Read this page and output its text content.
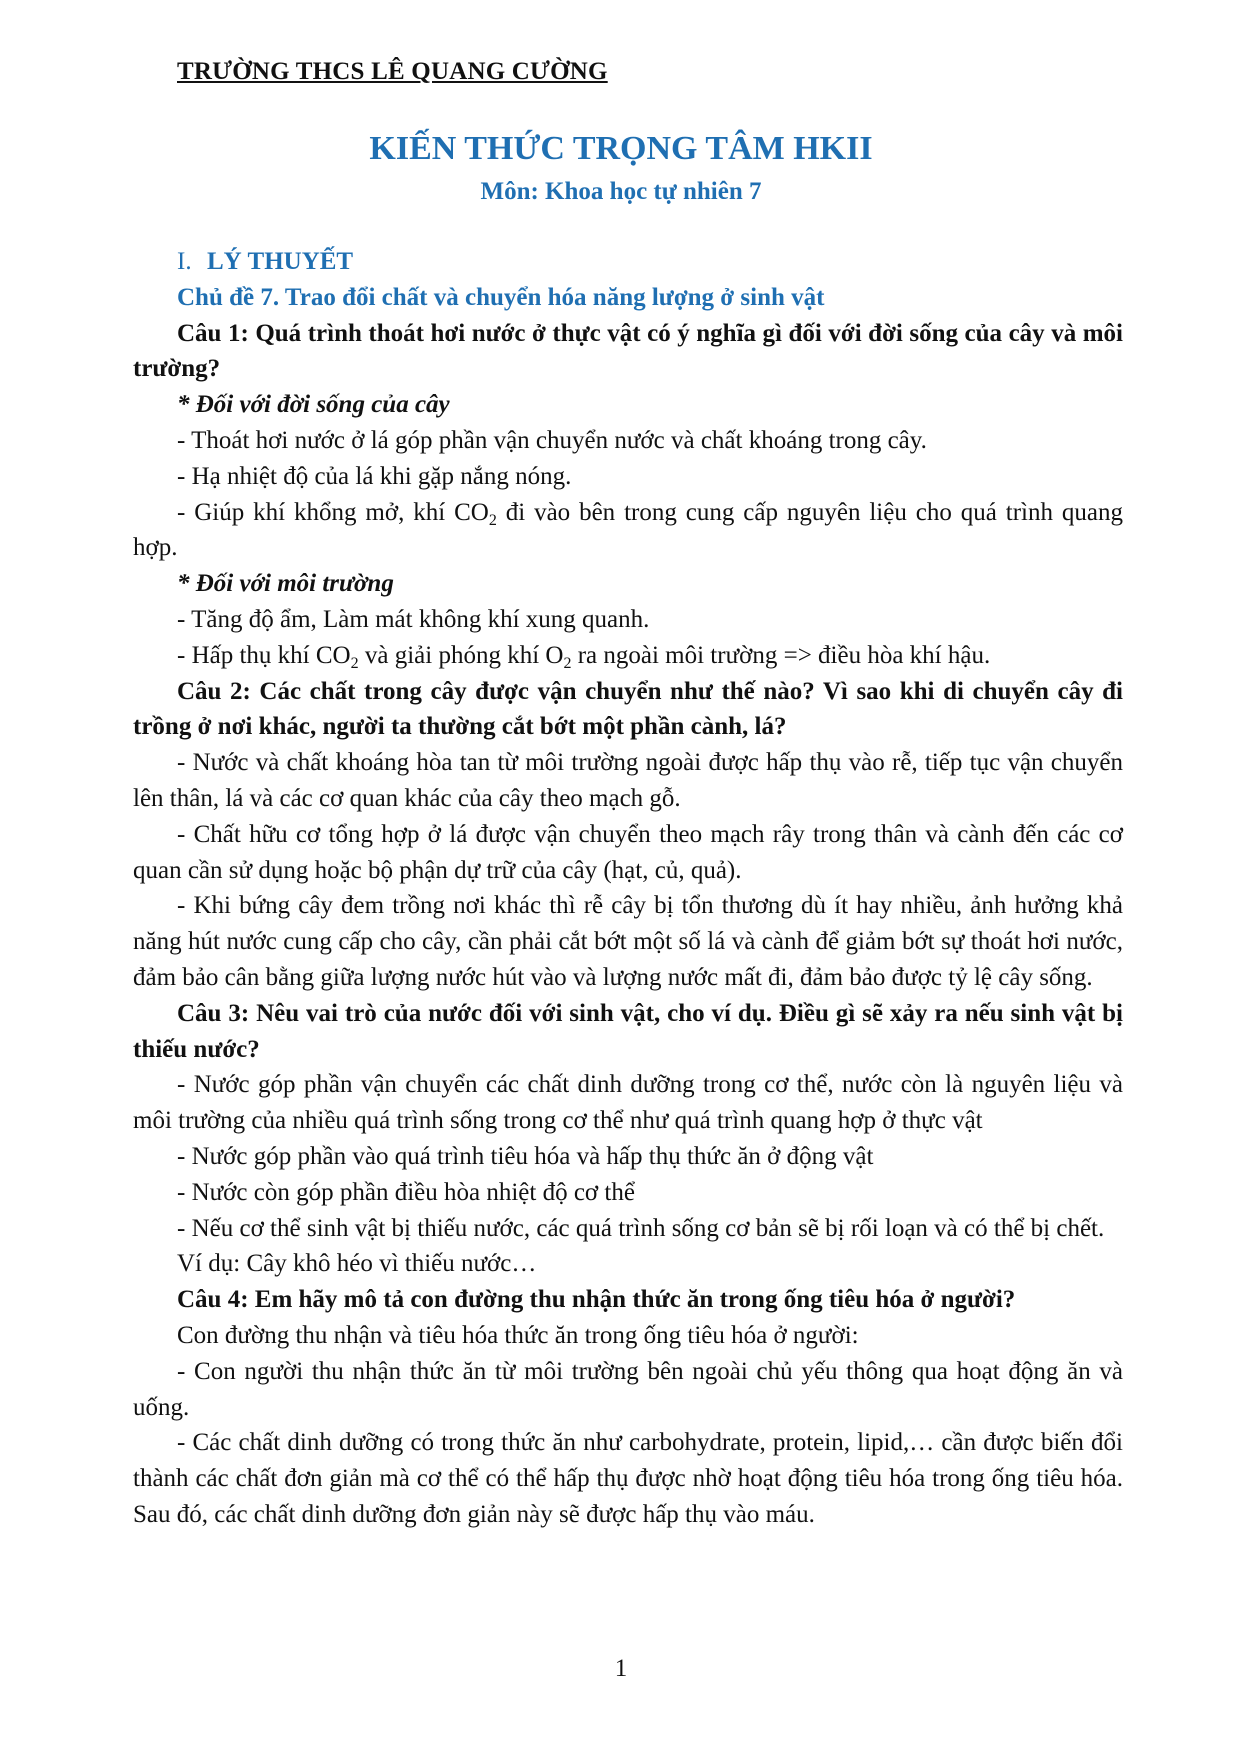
TRƯỜNG THCS LÊ QUANG CƯỜNG
KIẾN THỨC TRỌNG TÂM HKII
Môn: Khoa học tự nhiên 7

I. LÝ THUYẾT

Chủ đề 7. Trao đổi chất và chuyển hóa năng lượng ở sinh vật

Câu 1: Quá trình thoát hơi nước ở thực vật có ý nghĩa gì đối với đời sống của cây và môi trường?

* Đối với đời sống của cây

- Thoát hơi nước ở lá góp phần vận chuyển nước và chất khoáng trong cây.

- Hạ nhiệt độ của lá khi gặp nắng nóng.

- Giúp khí khổng mở, khí $CO_2$ đi vào bên trong cung cấp nguyên liệu cho quá trình quang hợp.

* Đối với môi trường

- Tăng độ ẩm, Làm mát không khí xung quanh.

- Hấp thụ khí $CO_2$ và giải phóng khí $O_2$ ra ngoài môi trường => điều hòa khí hậu.

Câu 2: Các chất trong cây được vận chuyển như thế nào? Vì sao khi di chuyển cây đi trồng ở nơi khác, người ta thường cắt bớt một phần cành, lá?

- Nước và chất khoáng hòa tan từ môi trường ngoài được hấp thụ vào rễ, tiếp tục vận chuyển lên thân, lá và các cơ quan khác của cây theo mạch gỗ.

- Chất hữu cơ tổng hợp ở lá được vận chuyển theo mạch rây trong thân và cành đến các cơ quan cần sử dụng hoặc bộ phận dự trữ của cây (hạt, củ, quả).

- Khi bứng cây đem trồng nơi khác thì rễ cây bị tổn thương dù ít hay nhiều, ảnh hưởng khả năng hút nước cung cấp cho cây, cần phải cắt bớt một số lá và cành để giảm bớt sự thoát hơi nước, đảm bảo cân bằng giữa lượng nước hút vào và lượng nước mất đi, đảm bảo được tỷ lệ cây sống.

Câu 3: Nêu vai trò của nước đối với sinh vật, cho ví dụ. Điều gì sẽ xảy ra nếu sinh vật bị thiếu nước?

- Nước góp phần vận chuyển các chất dinh dưỡng trong cơ thể, nước còn là nguyên liệu và môi trường của nhiều quá trình sống trong cơ thể như quá trình quang hợp ở thực vật

- Nước góp phần vào quá trình tiêu hóa và hấp thụ thức ăn ở động vật

- Nước còn góp phần điều hòa nhiệt độ cơ thể

- Nếu cơ thể sinh vật bị thiếu nước, các quá trình sống cơ bản sẽ bị rối loạn và có thể bị chết.

Ví dụ: Cây khô héo vì thiếu nước…

Câu 4: Em hãy mô tả con đường thu nhận thức ăn trong ống tiêu hóa ở người?

Con đường thu nhận và tiêu hóa thức ăn trong ống tiêu hóa ở người:

- Con người thu nhận thức ăn từ môi trường bên ngoài chủ yếu thông qua hoạt động ăn và uống.

- Các chất dinh dưỡng có trong thức ăn như carbohydrate, protein, lipid,… cần được biến đổi thành các chất đơn giản mà cơ thể có thể hấp thụ được nhờ hoạt động tiêu hóa trong ống tiêu hóa. Sau đó, các chất dinh dưỡng đơn giản này sẽ được hấp thụ vào máu.

1
